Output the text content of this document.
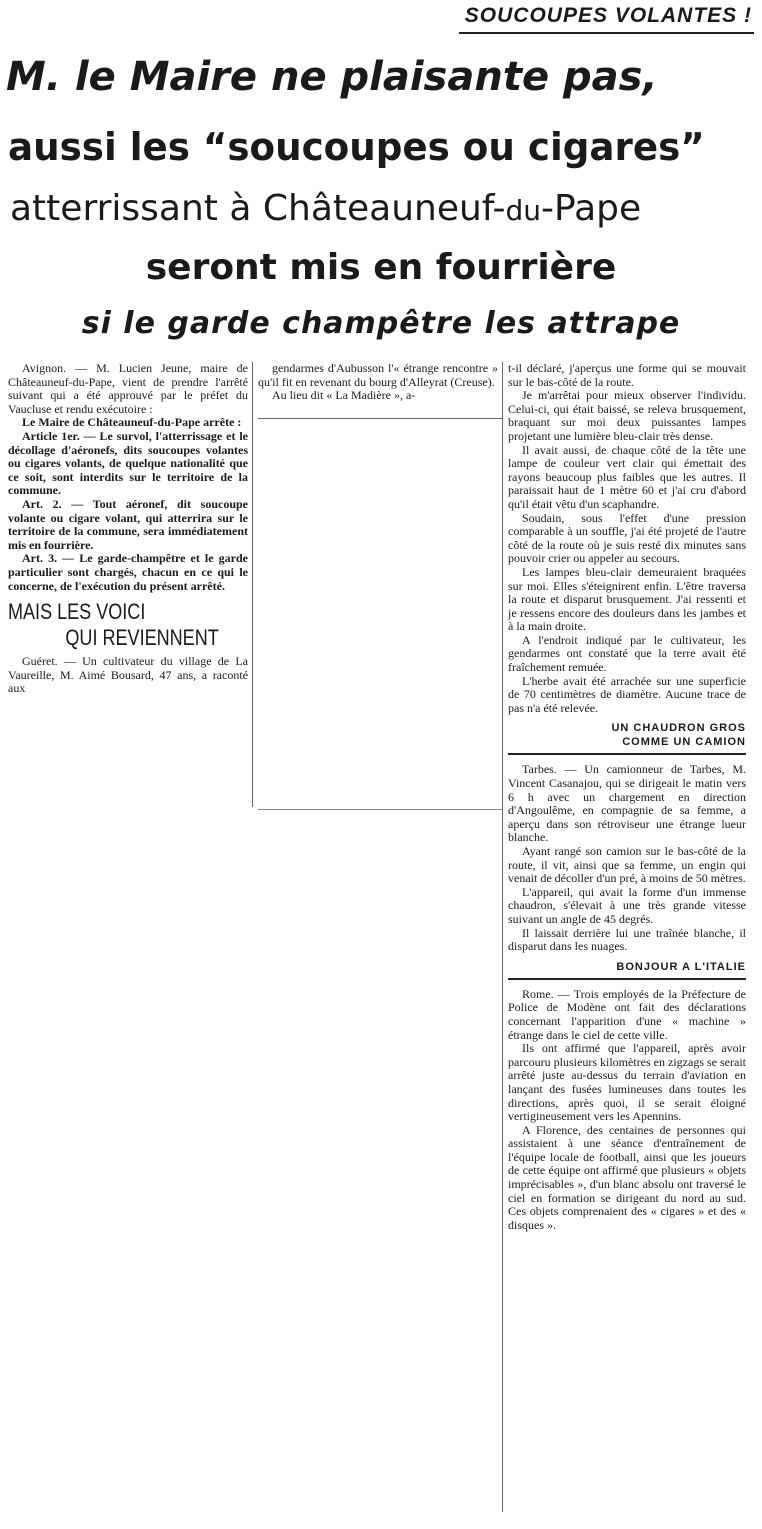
SOUCOUPES VOLANTES !
M. le Maire ne plaisante pas,
aussi les “soucoupes ou cigares”
atterrissant à Châteauneuf-du-Pape
seront mis en fourrière
si le garde champêtre les attrape

Avignon. — M. Lucien Jeune, maire de Châteauneuf-du-Pape, vient de prendre l'arrêté suivant qui a été approuvé par le préfet du Vaucluse et rendu exécutoire :

Le Maire de Châteauneuf-du-Pape arrête :

Article 1er. — Le survol, l'atterrissage et le décollage d'aéronefs, dits soucoupes volantes ou cigares volants, de quelque nationalité que ce soit, sont interdits sur le territoire de la commune.

Art. 2. — Tout aéronef, dit soucoupe volante ou cigare volant, qui atterrira sur le territoire de la commune, sera immédiatement mis en fourrière.

Art. 3. — Le garde-champêtre et le garde particulier sont chargés, chacun en ce qui le concerne, de l'exécution du présent arrêté.

MAIS LES VOICI
QUI REVIENNENT

Guéret. — Un cultivateur du village de La Vaureille, M. Aimé Bousard, 47 ans, a raconté aux

gendarmes d'Aubusson l'« étrange rencontre » qu'il fit en revenant du bourg d'Alleyrat (Creuse).

Au lieu dit « La Madière », a-

t-il déclaré, j'aperçus une forme qui se mouvait sur le bas-côté de la route.

Je m'arrêtai pour mieux observer l'individu. Celui-ci, qui était baissé, se releva brusquement, braquant sur moi deux puissantes lampes projetant une lumière bleu-clair très dense.

Il avait aussi, de chaque côté de la tête une lampe de couleur vert clair qui émettait des rayons beaucoup plus faibles que les autres. Il paraissait haut de 1 mètre 60 et j'ai cru d'abord qu'il était vêtu d'un scaphandre.

Soudain, sous l'effet d'une pression comparable à un souffle, j'ai été projeté de l'autre côté de la route où je suis resté dix minutes sans pouvoir crier ou appeler au secours.

Les lampes bleu-clair demeuraient braquées sur moi. Elles s'éteignirent enfin. L'être traversa la route et disparut brusquement. J'ai ressenti et je ressens encore des douleurs dans les jambes et à la main droite.

A l'endroit indiqué par le cultivateur, les gendarmes ont constaté que la terre avait été fraîchement remuée.

L'herbe avait été arrachée sur une superficie de 70 centimètres de diamètre. Aucune trace de pas n'a été relevée.

UN CHAUDRON GROS
COMME UN CAMION

Tarbes. — Un camionneur de Tarbes, M. Vincent Casanajou, qui se dirigeait le matin vers 6 h avec un chargement en direction d'Angoulême, en compagnie de sa femme, a aperçu dans son rétroviseur une étrange lueur blanche.

Ayant rangé son camion sur le bas-côté de la route, il vit, ainsi que sa femme, un engin qui venait de décoller d'un pré, à moins de 50 mètres.

L'appareil, qui avait la forme d'un immense chaudron, s'élevait à une très grande vitesse suivant un angle de 45 degrés.

Il laissait derrière lui une traînée blanche, il disparut dans les nuages.

BONJOUR A L'ITALIE

Rome. — Trois employés de la Préfecture de Police de Modène ont fait des déclarations concernant l'apparition d'une « machine » étrange dans le ciel de cette ville.

Ils ont affirmé que l'appareil, après avoir parcouru plusieurs kilomètres en zigzags se serait arrêté juste au-dessus du terrain d'aviation en lançant des fusées lumineuses dans toutes les directions, après quoi, il se serait éloigné vertigineusement vers les Apennins.

A Florence, des centaines de personnes qui assistaient à une séance d'entraînement de l'équipe locale de football, ainsi que les joueurs de cette équipe ont affirmé que plusieurs « objets imprécisables », d'un blanc absolu ont traversé le ciel en formation se dirigeant du nord au sud. Ces objets comprenaient des « cigares » et des « disques ».
